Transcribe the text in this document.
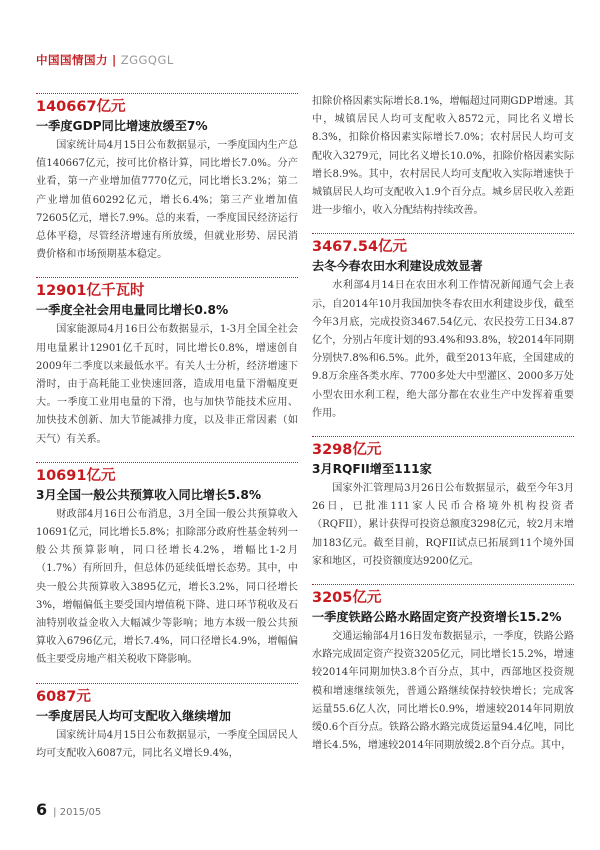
中国国情国力 | ZGGQGL
140667亿元
一季度GDP同比增速放缓至7%
国家统计局4月15日公布数据显示，一季度国内生产总值140667亿元，按可比价格计算，同比增长7.0%。分产业看，第一产业增加值7770亿元，同比增长3.2%；第二产业增加值60292亿元，增长6.4%；第三产业增加值72605亿元，增长7.9%。总的来看，一季度国民经济运行总体平稳，尽管经济增速有所放缓，但就业形势、居民消费价格和市场预期基本稳定。
12901亿千瓦时
一季度全社会用电量同比增长0.8%
国家能源局4月16日公布数据显示，1-3月全国全社会用电量累计12901亿千瓦时，同比增长0.8%，增速创自2009年二季度以来最低水平。有关人士分析，经济增速下滑时，由于高耗能工业快速回落，造成用电量下滑幅度更大。一季度工业用电量的下滑，也与加快节能技术应用、加快技术创新、加大节能减排力度，以及非正常因素（如天气）有关系。
10691亿元
3月全国一般公共预算收入同比增长5.8%
财政部4月16日公布消息，3月全国一般公共预算收入10691亿元，同比增长5.8%；扣除部分政府性基金转列一般公共预算影响，同口径增长4.2%，增幅比1-2月（1.7%）有所回升，但总体仍延续低增长态势。其中，中央一般公共预算收入3895亿元，增长3.2%，同口径增长3%，增幅偏低主要受国内增值税下降、进口环节税收及石油特别收益金收入大幅减少等影响；地方本级一般公共预算收入6796亿元，增长7.4%，同口径增长4.9%，增幅偏低主要受房地产相关税收下降影响。
6087元
一季度居民人均可支配收入继续增加
国家统计局4月15日公布数据显示，一季度全国居民人均可支配收入6087元，同比名义增长9.4%，
扣除价格因素实际增长8.1%，增幅超过同期GDP增速。其中，城镇居民人均可支配收入8572元，同比名义增长8.3%，扣除价格因素实际增长7.0%；农村居民人均可支配收入3279元，同比名义增长10.0%，扣除价格因素实际增长8.9%。其中，农村居民人均可支配收入实际增速快于城镇居民人均可支配收入1.9个百分点。城乡居民收入差距进一步缩小，收入分配结构持续改善。
3467.54亿元
去冬今春农田水利建设成效显著
水利部4月14日在农田水利工作情况新闻通气会上表示，自2014年10月我国加快冬春农田水利建设步伐，截至今年3月底，完成投资3467.54亿元、农民投劳工日34.87亿个，分别占年度计划的93.4%和93.8%，较2014年同期分别快7.8%和6.5%。此外，截至2013年底，全国建成的9.8万余座各类水库、7700多处大中型灌区、2000多万处小型农田水利工程，绝大部分都在农业生产中发挥着重要作用。
3298亿元
3月RQFII增至111家
国家外汇管理局3月26日公布数据显示，截至今年3月26日，已批准111家人民币合格境外机构投资者（RQFII），累计获得可投资总额度3298亿元，较2月末增加183亿元。截至目前，RQFII试点已拓展到11个境外国家和地区，可投资额度达9200亿元。
3205亿元
一季度铁路公路水路固定资产投资增长15.2%
交通运输部4月16日发布数据显示，一季度，铁路公路水路完成固定资产投资3205亿元，同比增长15.2%，增速较2014年同期加快3.8个百分点，其中，西部地区投资规模和增速继续领先，普通公路继续保持较快增长；完成客运量55.6亿人次，同比增长0.9%，增速较2014年同期放缓0.6个百分点。铁路公路水路完成货运量94.4亿吨，同比增长4.5%，增速较2014年同期放缓2.8个百分点。其中，
6 | 2015/05
